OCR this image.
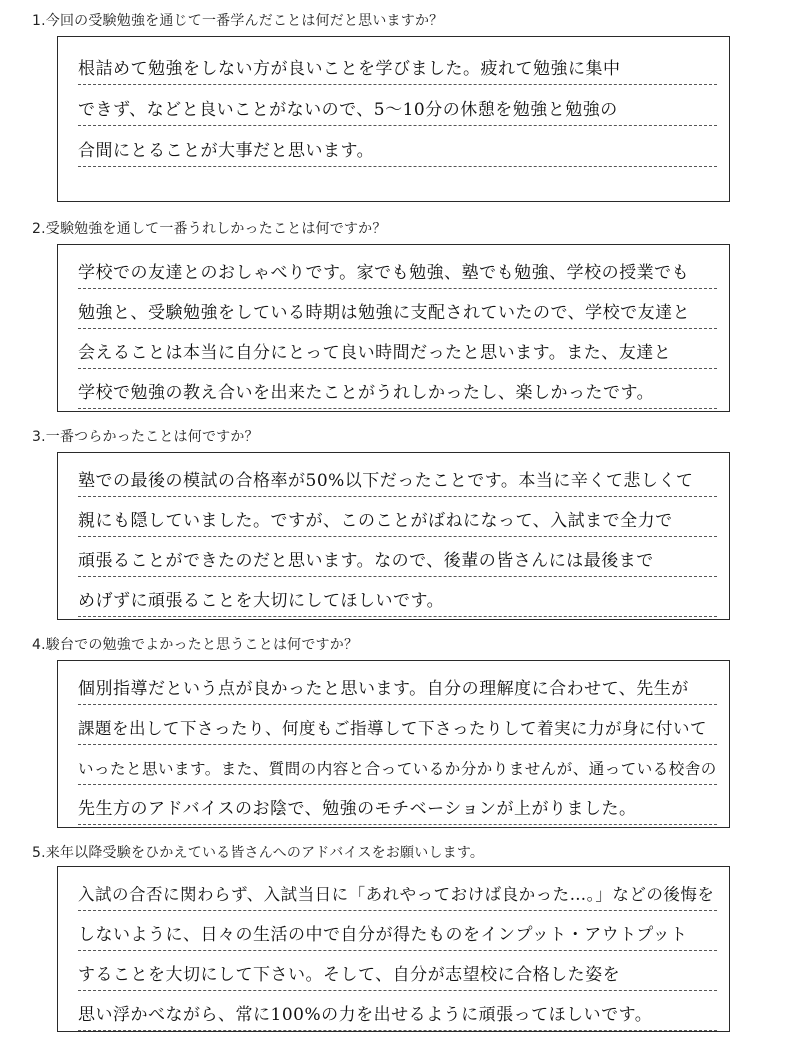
1.今回の受験勉強を通じて一番学んだことは何だと思いますか？
根詰めて勉強をしない方が良いことを学びました。疲れて勉強に集中
できず、などと良いことがないので、5～10分の休憩を勉強と勉強の
合間にとることが大事だと思います。
2.受験勉強を通して一番うれしかったことは何ですか？
学校での友達とのおしゃべりです。家でも勉強、塾でも勉強、学校の授業でも
勉強と、受験勉強をしている時期は勉強に支配されていたので、学校で友達と
会えることは本当に自分にとって良い時間だったと思います。また、友達と
学校で勉強の教え合いを出来たことがうれしかったし、楽しかったです。
3.一番つらかったことは何ですか？
塾での最後の模試の合格率が50%以下だったことです。本当に辛くて悲しくて
親にも隠していました。ですが、このことがばねになって、入試まで全力で
頑張ることができたのだと思います。なので、後輩の皆さんには最後まで
めげずに頑張ることを大切にしてほしいです。
4.駿台での勉強でよかったと思うことは何ですか？
個別指導だという点が良かったと思います。自分の理解度に合わせて、先生が
課題を出して下さったり、何度もご指導して下さったりして着実に力が身に付いて
いったと思います。また、質問の内容と合っているか分かりませんが、通っている校舎の
先生方のアドバイスのお陰で、勉強のモチベーションが上がりました。
5.来年以降受験をひかえている皆さんへのアドバイスをお願いします。
入試の合否に関わらず、入試当日に「あれやっておけば良かった…。」などの後悔を
しないように、日々の生活の中で自分が得たものをインプット・アウトプット
することを大切にして下さい。そして、自分が志望校に合格した姿を
思い浮かべながら、常に100%の力を出せるように頑張ってほしいです。
